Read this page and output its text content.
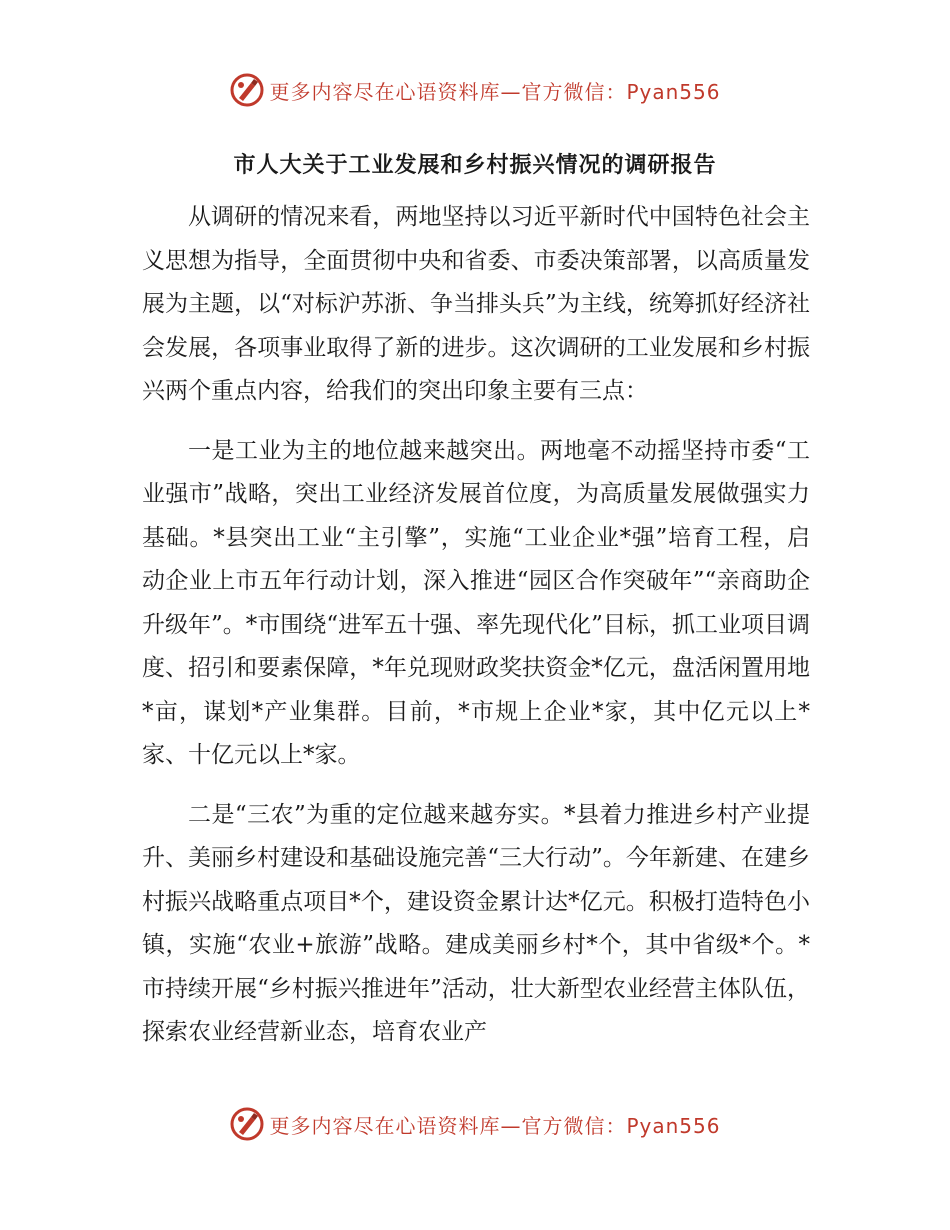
更多内容尽在心语资料库—官方微信：Pyan556
市人大关于工业发展和乡村振兴情况的调研报告

从调研的情况来看，两地坚持以习近平新时代中国特色社会主义思想为指导，全面贯彻中央和省委、市委决策部署，以高质量发展为主题，以“对标沪苏浙、争当排头兵”为主线，统筹抓好经济社会发展，各项事业取得了新的进步。这次调研的工业发展和乡村振兴两个重点内容，给我们的突出印象主要有三点：

一是工业为主的地位越来越突出。两地毫不动摇坚持市委“工业强市”战略，突出工业经济发展首位度，为高质量发展做强实力基础。*县突出工业“主引擎”，实施“工业企业*强”培育工程，启动企业上市五年行动计划，深入推进“园区合作突破年”“亲商助企升级年”。*市围绕“进军五十强、率先现代化”目标，抓工业项目调度、招引和要素保障，*年兑现财政奖扶资金*亿元，盘活闲置用地*亩，谋划*产业集群。目前，*市规上企业*家，其中亿元以上*家、十亿元以上*家。

二是“三农”为重的定位越来越夯实。*县着力推进乡村产业提升、美丽乡村建设和基础设施完善“三大行动”。今年新建、在建乡村振兴战略重点项目*个，建设资金累计达*亿元。积极打造特色小镇，实施“农业+旅游”战略。建成美丽乡村*个，其中省级*个。*市持续开展“乡村振兴推进年”活动，壮大新型农业经营主体队伍，探索农业经营新业态，培育农业产

更多内容尽在心语资料库—官方微信：Pyan556
